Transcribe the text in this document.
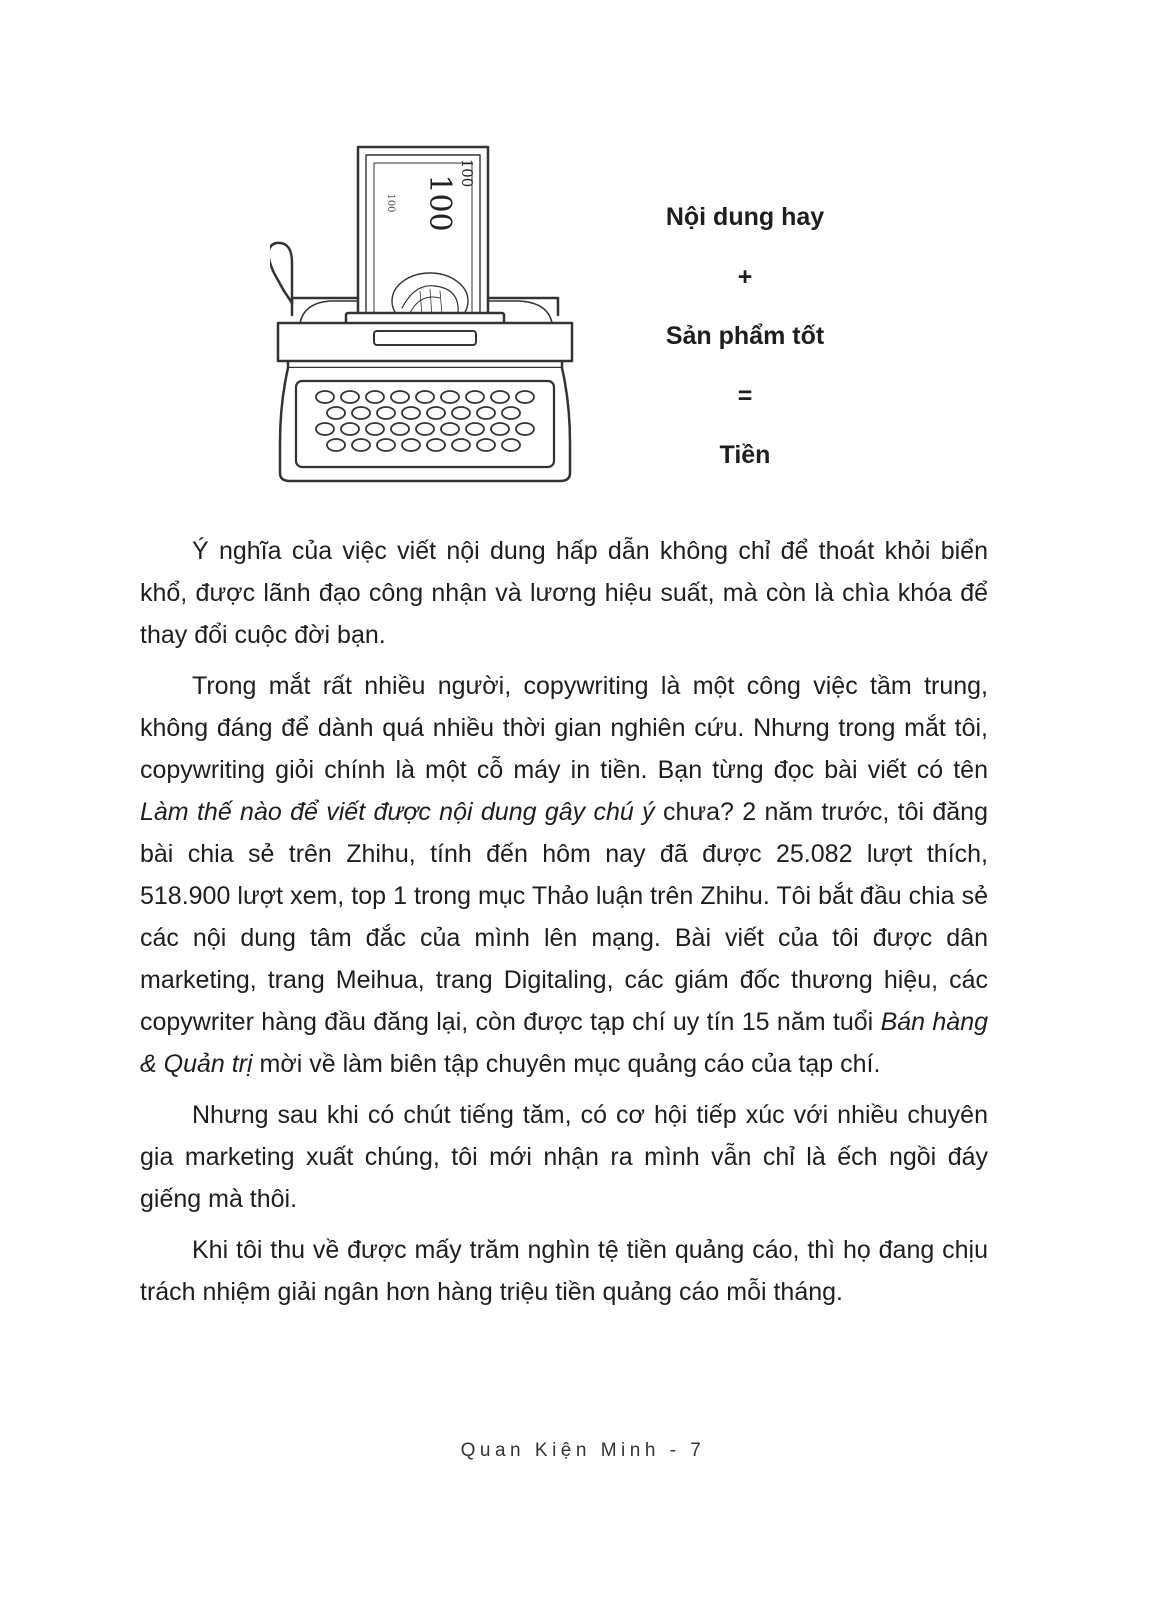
100
100
100	Nội dung hay
+
Sản phẩm tốt
=
Tiền

Ý nghĩa của việc viết nội dung hấp dẫn không chỉ để thoát khỏi biển khổ, được lãnh đạo công nhận và lương hiệu suất, mà còn là chìa khóa để thay đổi cuộc đời bạn.

Trong mắt rất nhiều người, copywriting là một công việc tầm trung, không đáng để dành quá nhiều thời gian nghiên cứu. Nhưng trong mắt tôi, copywriting giỏi chính là một cỗ máy in tiền. Bạn từng đọc bài viết có tên Làm thế nào để viết được nội dung gây chú ý chưa? 2 năm trước, tôi đăng bài chia sẻ trên Zhihu, tính đến hôm nay đã được 25.082 lượt thích, 518.900 lượt xem, top 1 trong mục Thảo luận trên Zhihu. Tôi bắt đầu chia sẻ các nội dung tâm đắc của mình lên mạng. Bài viết của tôi được dân marketing, trang Meihua, trang Digitaling, các giám đốc thương hiệu, các copywriter hàng đầu đăng lại, còn được tạp chí uy tín 15 năm tuổi Bán hàng & Quản trị mời về làm biên tập chuyên mục quảng cáo của tạp chí.

Nhưng sau khi có chút tiếng tăm, có cơ hội tiếp xúc với nhiều chuyên gia marketing xuất chúng, tôi mới nhận ra mình vẫn chỉ là ếch ngồi đáy giếng mà thôi.

Khi tôi thu về được mấy trăm nghìn tệ tiền quảng cáo, thì họ đang chịu trách nhiệm giải ngân hơn hàng triệu tiền quảng cáo mỗi tháng.

Quan Kiện Minh - 7
